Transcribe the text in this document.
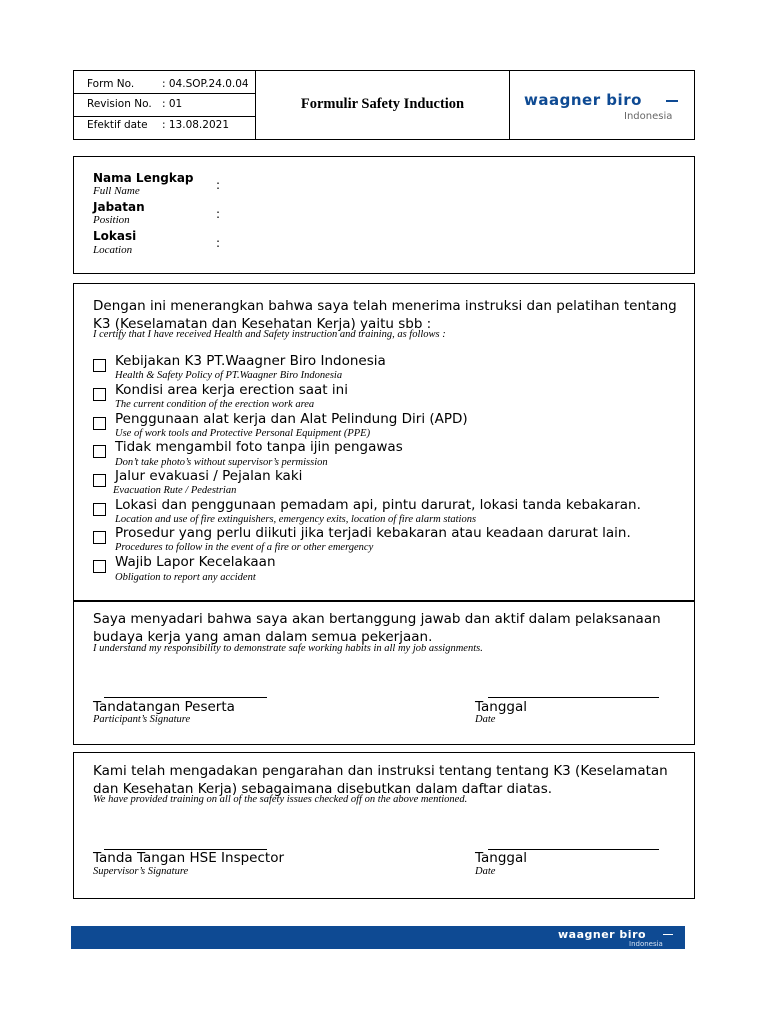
Form No.	: 04.SOP.24.0.04
Revision No. : 01
Efektif date : 13.08.2021
Formulir Safety Induction	waagner biro
Indonesia
Nama Lengkap
Full Name	:
Jabatan
Position	:
Lokasi
Location	:
Dengan ini menerangkan bahwa saya telah menerima instruksi dan pelatihan tentang K3 (Keselamatan dan Kesehatan Kerja) yaitu sbb :
I certify that I have received Health and Safety instruction and training, as follows :
Kebijakan K3 PT.Waagner Biro Indonesia
Health & Safety Policy of PT.Waagner Biro Indonesia
Kondisi area kerja erection saat ini
The current condition of the erection work area
Penggunaan alat kerja dan Alat Pelindung Diri (APD)
Use of work tools and Protective Personal Equipment (PPE)
Tidak mengambil foto tanpa ijin pengawas
Don’t take photo’s without supervisor’s permission
Jalur evakuasi / Pejalan kaki
Evacuation Rute / Pedestrian
Lokasi dan penggunaan pemadam api, pintu darurat, lokasi tanda kebakaran.
Location and use of fire extinguishers, emergency exits, location of fire alarm stations
Prosedur yang perlu diikuti jika terjadi kebakaran atau keadaan darurat lain.
Procedures to follow in the event of a fire or other emergency
Wajib Lapor Kecelakaan
Obligation to report any accident
Saya menyadari bahwa saya akan bertanggung jawab dan aktif dalam pelaksanaan budaya kerja yang aman dalam semua pekerjaan.
I understand my responsibility to demonstrate safe working habits in all my job assignments.
Tandatangan Peserta
Participant’s Signature
Tanggal
Date
Kami telah mengadakan pengarahan dan instruksi tentang tentang K3 (Keselamatan dan Kesehatan Kerja) sebagaimana disebutkan dalam daftar diatas.
We have provided training on all of the safety issues checked off on the above mentioned.
Tanda Tangan HSE Inspector
Supervisor’s Signature
Tanggal
Date
waagner biro
Indonesia
